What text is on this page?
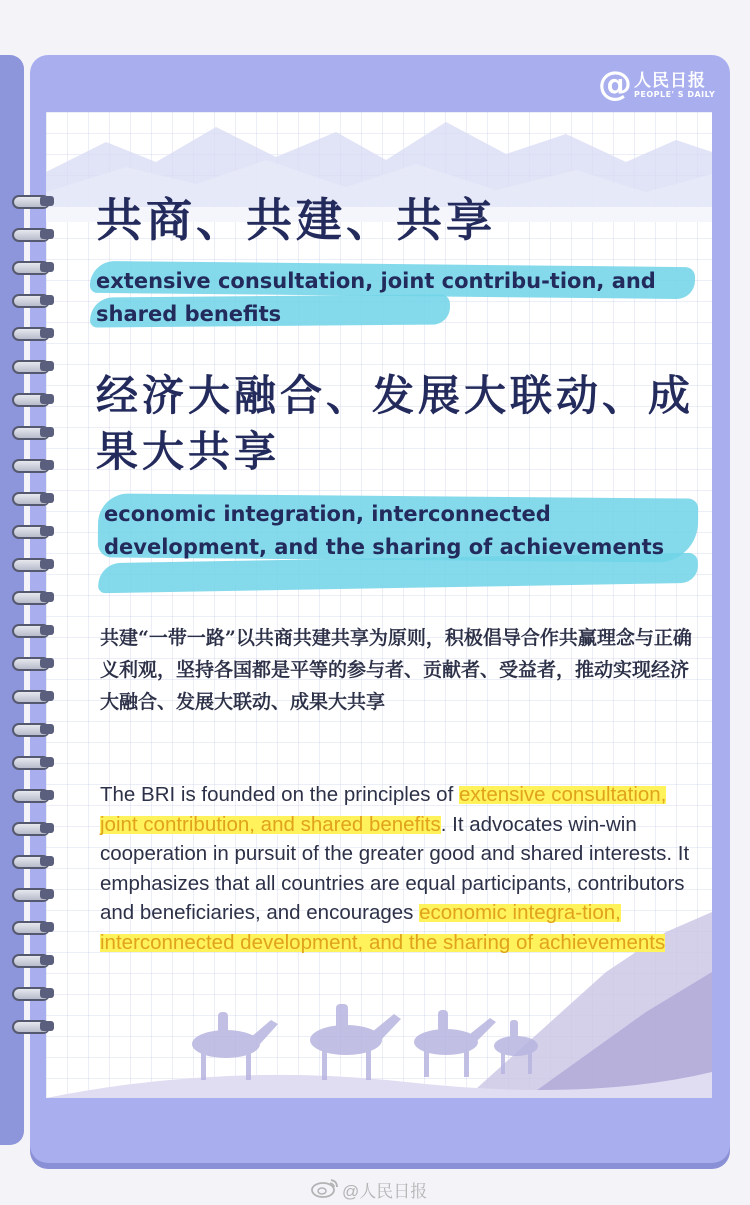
@ 人民日报
PEOPLE' S DAILY
共商、共建、共享

extensive consultation, joint contribu-tion, and shared benefits

经济大融合、发展大联动、成果大共享

economic integration, interconnected development, and the sharing of achievements

共建“一带一路”以共商共建共享为原则，积极倡导合作共赢理念与正确义利观，坚持各国都是平等的参与者、贡献者、受益者，推动实现经济大融合、发展大联动、成果大共享

The BRI is founded on the principles of extensive consultation, joint contribution, and shared benefits. It advocates win-win cooperation in pursuit of the greater good and shared interests. It emphasizes that all countries are equal participants, contributors and beneficiaries, and encourages economic integra-tion, interconnected development, and the sharing of achievements

@人民日报
